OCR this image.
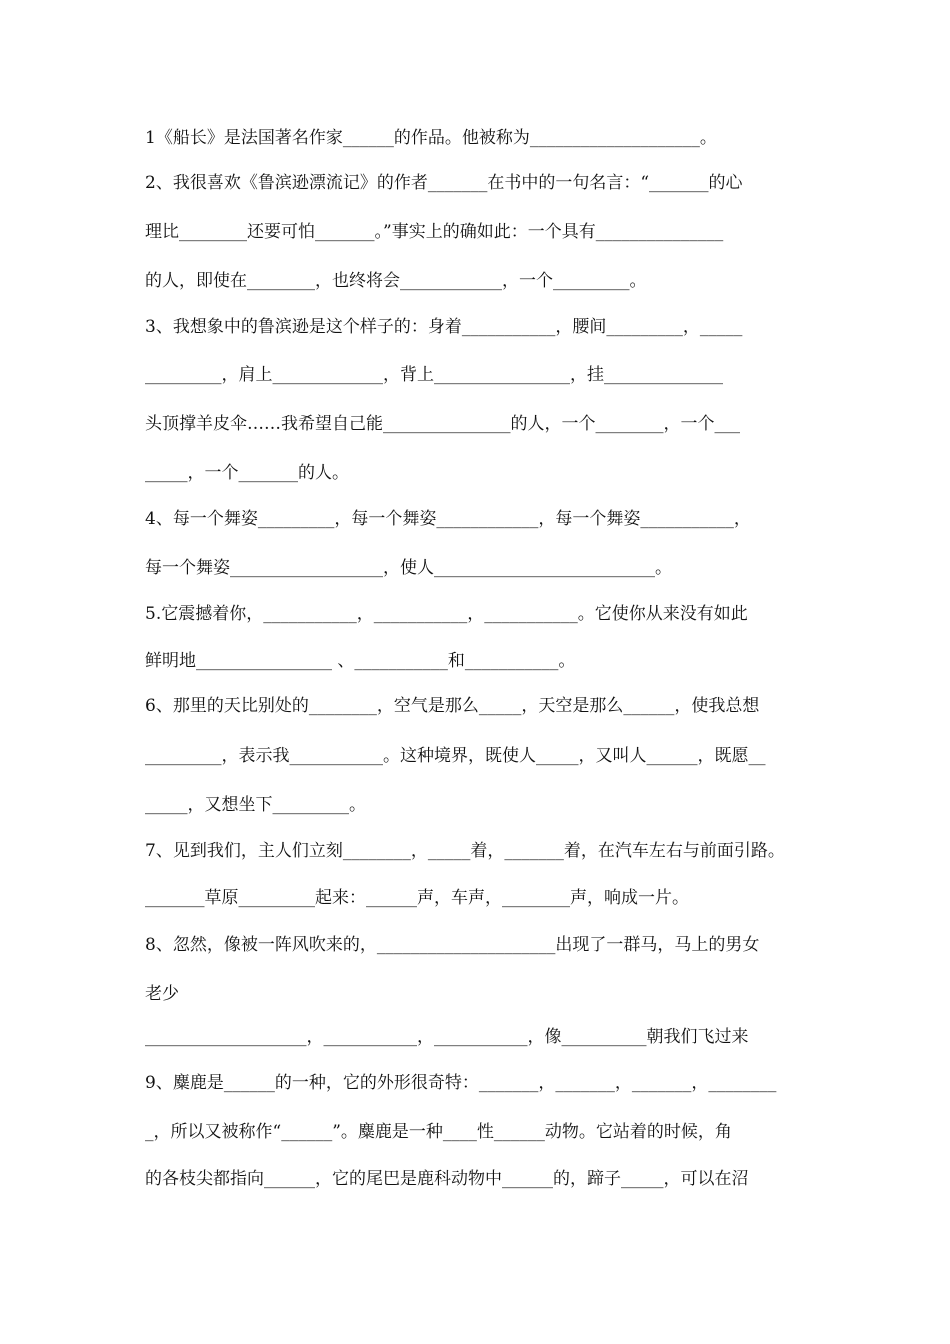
1《船长》是法国著名作家______的作品。他被称为____________________。
2、我很喜欢《鲁滨逊漂流记》的作者_______在书中的一句名言：“_______的心
理比________还要可怕_______。”事实上的确如此：一个具有_______________
的人，即使在________，也终将会____________，一个_________。
3、我想象中的鲁滨逊是这个样子的：身着___________，腰间_________，_____
_________，肩上_____________，背上________________，挂______________
头顶撑羊皮伞……我希望自己能_______________的人，一个________，一个___
_____，一个_______的人。
4、每一个舞姿_________，每一个舞姿____________，每一个舞姿___________，
每一个舞姿__________________，使人__________________________。
5.它震撼着你，___________，___________，___________。它使你从来没有如此
鲜明地________________ 、___________和___________。
6、那里的天比别处的________，空气是那么_____，天空是那么______，使我总想
_________，表示我___________。这种境界，既使人_____，又叫人______，既愿__
_____，又想坐下_________。
7、见到我们，主人们立刻________，_____着，_______着，在汽车左右与前面引路。
_______草原_________起来：______声，车声，________声，响成一片。
8、忽然，像被一阵风吹来的，_____________________出现了一群马，马上的男女
老少
___________________，___________，___________，像__________朝我们飞过来
9、麋鹿是______的一种，它的外形很奇特：_______，_______，_______，________
_，所以又被称作“______”。麋鹿是一种____性______动物。它站着的时候，角
的各枝尖都指向______，它的尾巴是鹿科动物中______的，蹄子_____，可以在沼
